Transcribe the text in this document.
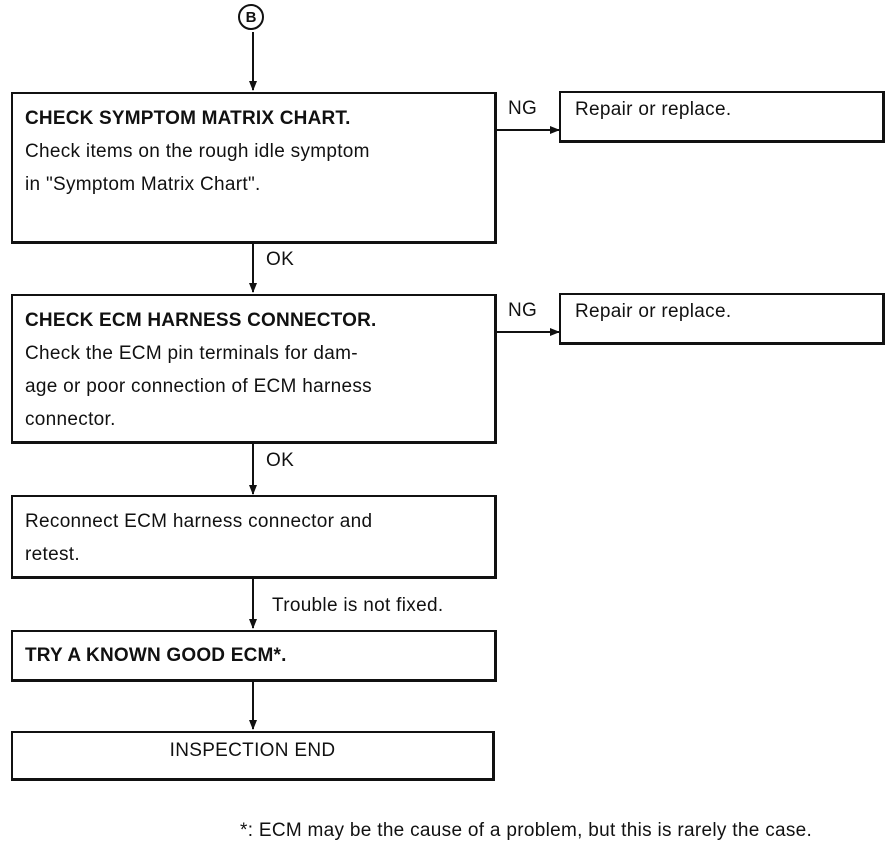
B
CHECK SYMPTOM MATRIX CHART.
Check items on the rough idle symptom
in "Symptom Matrix Chart".
NG	Repair or replace.
OK
CHECK ECM HARNESS CONNECTOR.
Check the ECM pin terminals for dam-
age or poor connection of ECM harness
connector.
NG	Repair or replace.
OK
Reconnect ECM harness connector and
retest.
Trouble is not fixed.
TRY A KNOWN GOOD ECM*.
INSPECTION END
*: ECM may be the cause of a problem, but this is rarely the case.
